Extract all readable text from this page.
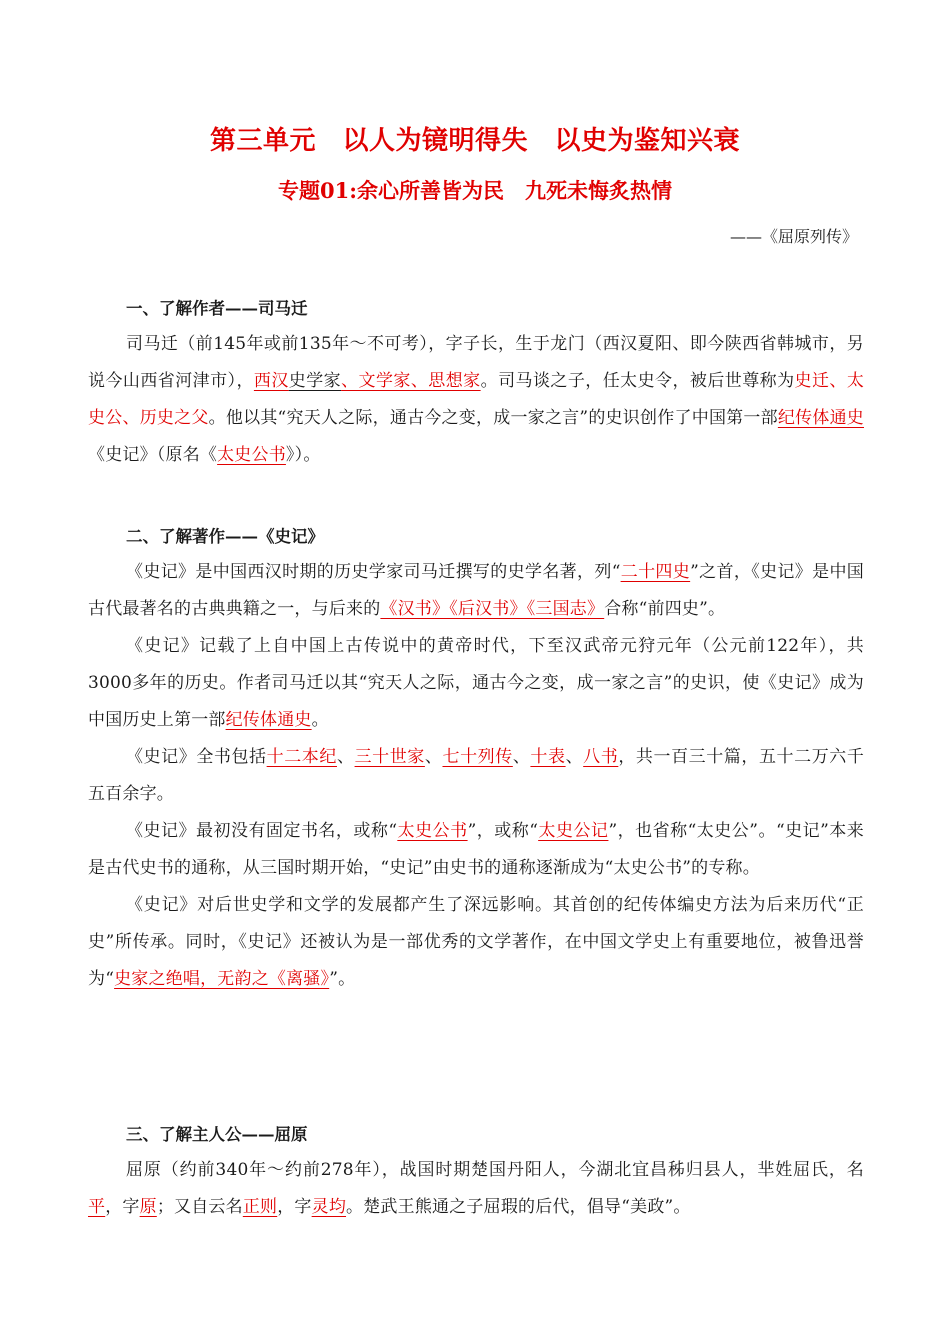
第三单元　以人为镜明得失　以史为鉴知兴衰
专题01:余心所善皆为民　九死未悔炙热情
——《屈原列传》
一、了解作者——司马迁

司马迁（前145年或前135年～不可考），字子长，生于龙门（西汉夏阳、即今陕西省韩城市，另说今山西省河津市），西汉史学家、文学家、思想家。司马谈之子，任太史令，被后世尊称为史迁、太史公、历史之父。他以其“究天人之际，通古今之变，成一家之言”的史识创作了中国第一部纪传体通史《史记》（原名《太史公书》）。

二、了解著作——《史记》

《史记》是中国西汉时期的历史学家司马迁撰写的史学名著，列“二十四史”之首，《史记》是中国古代最著名的古典典籍之一，与后来的《汉书》《后汉书》《三国志》合称“前四史”。

《史记》记载了上自中国上古传说中的黄帝时代，下至汉武帝元狩元年（公元前122年），共3000多年的历史。作者司马迁以其“究天人之际，通古今之变，成一家之言”的史识，使《史记》成为中国历史上第一部纪传体通史。

《史记》全书包括十二本纪、三十世家、七十列传、十表、八书，共一百三十篇，五十二万六千五百余字。

《史记》最初没有固定书名，或称“太史公书”，或称“太史公记”，也省称“太史公”。“史记”本来是古代史书的通称，从三国时期开始，“史记”由史书的通称逐渐成为“太史公书”的专称。

《史记》对后世史学和文学的发展都产生了深远影响。其首创的纪传体编史方法为后来历代“正史”所传承。同时，《史记》还被认为是一部优秀的文学著作，在中国文学史上有重要地位，被鲁迅誉为“史家之绝唱，无韵之《离骚》”。

三、了解主人公——屈原

屈原（约前340年～约前278年），战国时期楚国丹阳人，今湖北宜昌秭归县人，芈姓屈氏，名平，字原；又自云名正则，字灵均。楚武王熊通之子屈瑕的后代，倡导“美政”。
